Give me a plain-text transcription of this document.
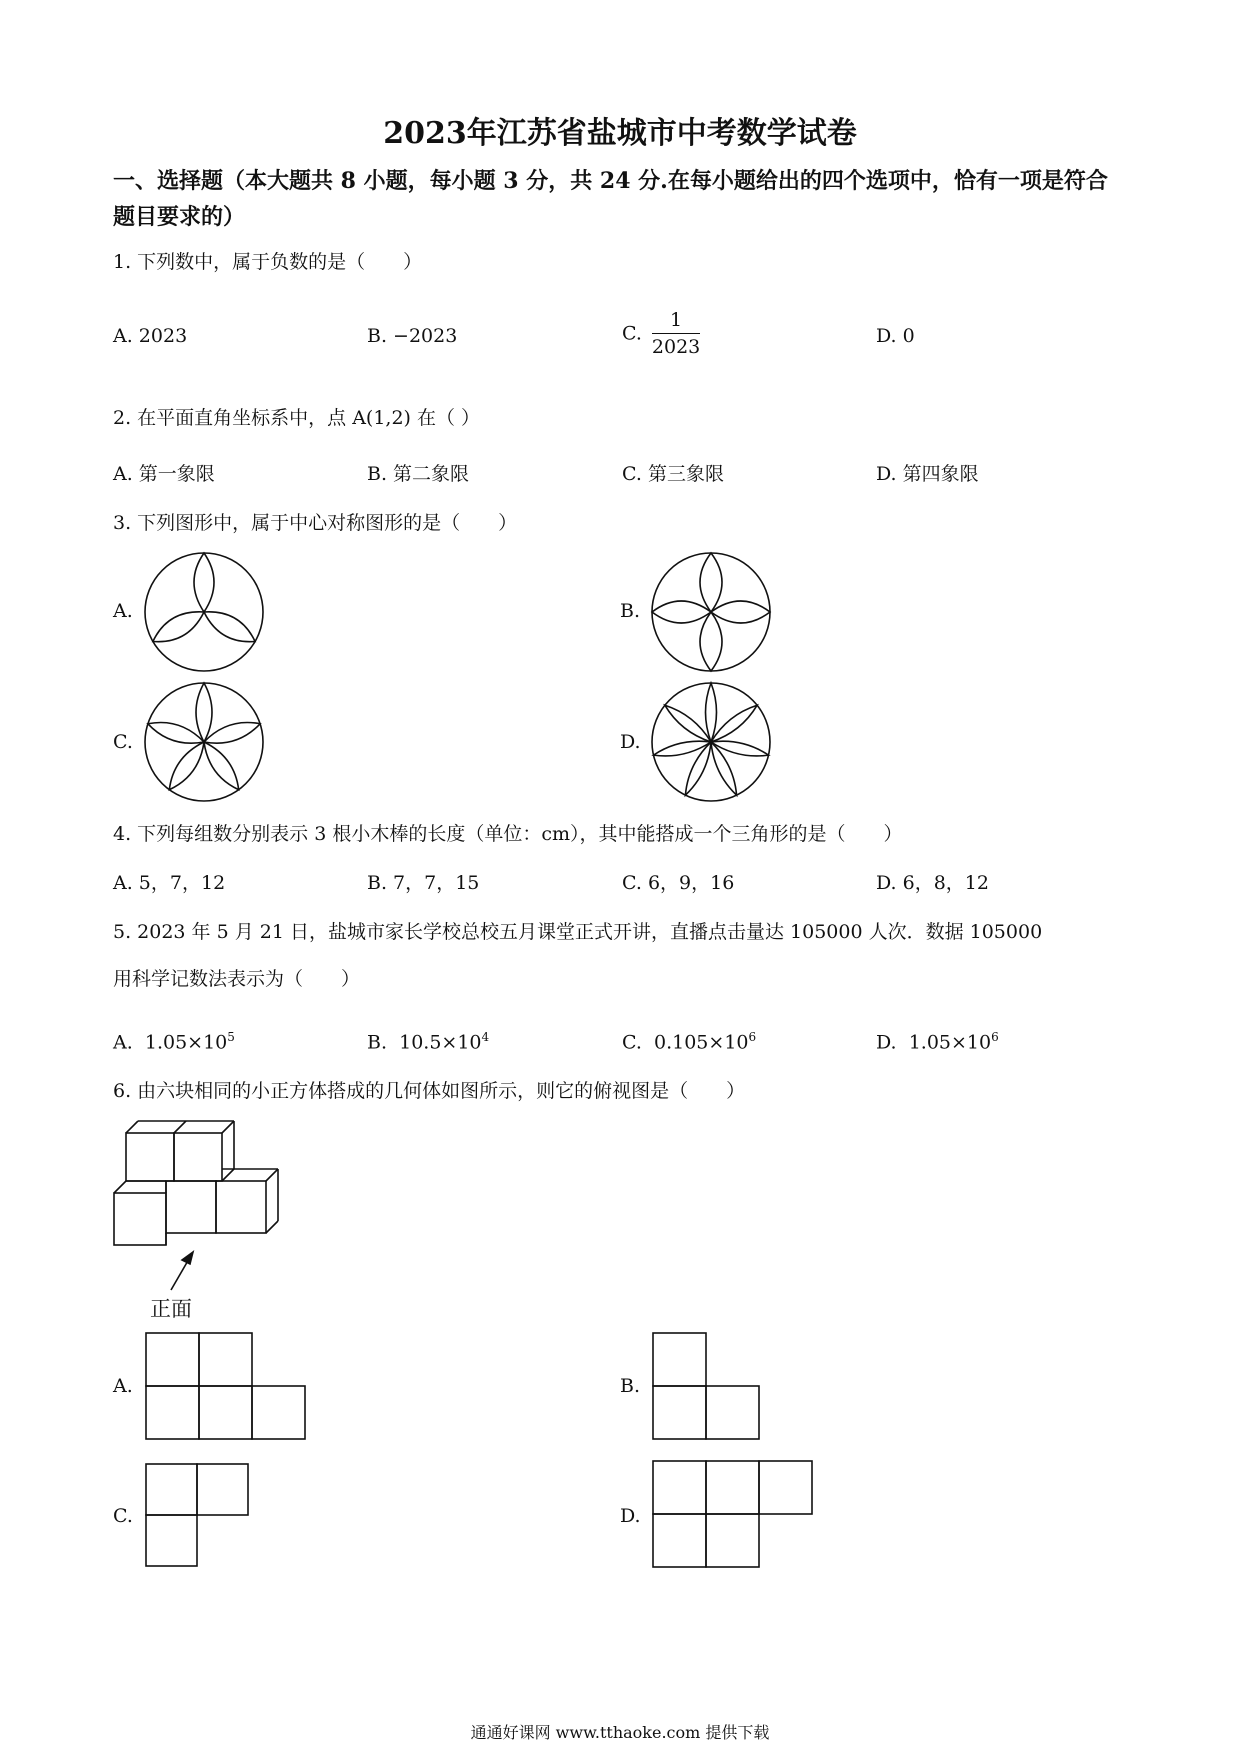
2023年江苏省盐城市中考数学试卷
一、选择题（本大题共 8 小题，每小题 3 分，共 24 分.在每小题给出的四个选项中，恰有一项是符合题目要求的）
1. 下列数中，属于负数的是（　　）
A. 2023	B. −2023	C. $\frac{1}{2023}$	D. 0
2. 在平面直角坐标系中，点 A(1,2) 在（ ）
A. 第一象限	B. 第二象限	C. 第三象限	D. 第四象限
3. 下列图形中，属于中心对称图形的是（　　）
A.	B.
C.	D.
4. 下列每组数分别表示 3 根小木棒的长度（单位：cm），其中能搭成一个三角形的是（　　）
A. 5，7，12	B. 7，7，15	C. 6，9，16	D. 6，8，12
5. 2023 年 5 月 21 日，盐城市家长学校总校五月课堂正式开讲，直播点击量达 105000 人次．数据 105000
用科学记数法表示为（　　）
A. $1.05\times 10^5$	B. $10.5\times 10^4$	C. $0.105\times 10^6$	D. $1.05\times 10^6$
6. 由六块相同的小正方体搭成的几何体如图所示，则它的俯视图是（　　）
正面
A.	B.
C.	D.
通通好课网 www.tthaoke.com 提供下载
